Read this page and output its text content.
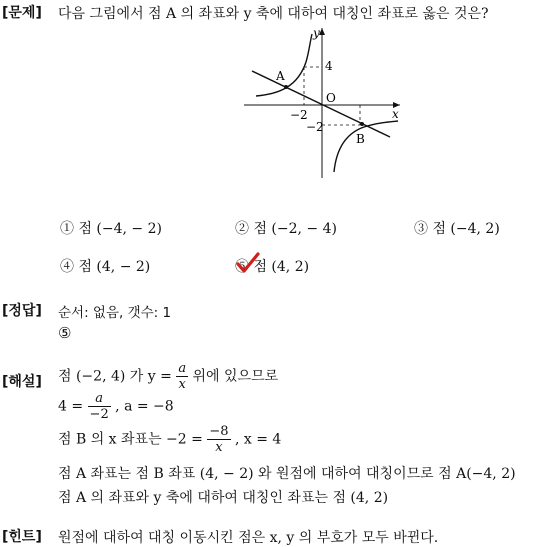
[문제] 다음 그림에서 점 A 의 좌표와 y 축에 대하여 대칭인 좌표로 옳은 것은?
y
x
O
4
−2
−2
A
B
① 점 (−4, − 2)	② 점 (−2, − 4)	③ 점 (−4, 2)
④ 점 (4, − 2)	⑤ 점 (4, 2)
[정답] 순서: 없음, 갯수: 1
⑤
[해설] 점 (−2, 4) 가 $y = \frac{a}{x}$ 위에 있으므로
$4 = \frac{a}{-2}$ , a = −8
점 B 의 x 좌표는 $-2 = \frac{-8}{x}$ , x = 4
점 A 좌표는 점 B 좌표 (4, − 2) 와 원점에 대하여 대칭이므로 점 A(−4, 2)
점 A 의 좌표와 y 축에 대하여 대칭인 좌표는 점 (4, 2)
[힌트] 원점에 대하여 대칭 이동시킨 점은 x, y 의 부호가 모두 바뀐다.
